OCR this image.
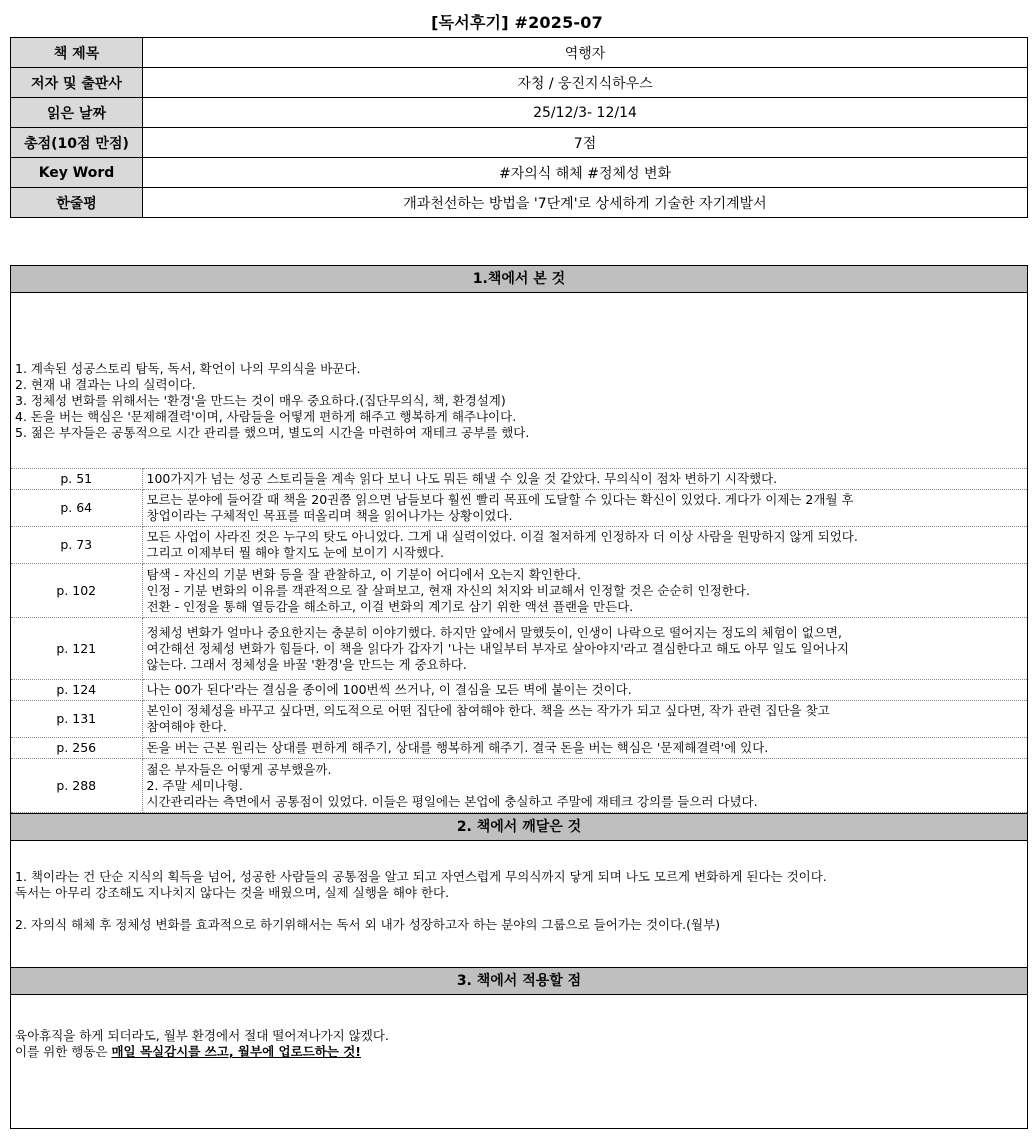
[독서후기] #2025-07
책 제목	역행자
저자 및 출판사	자청 / 웅진지식하우스
읽은 날짜	25/12/3- 12/14
총점(10점 만점)	7점
Key Word	#자의식 해체 #정체성 변화
한줄평	개과천선하는 방법을 '7단계'로 상세하게 기술한 자기계발서
1.책에서 본 것
1. 계속된 성공스토리 탐독, 독서, 확언이 나의 무의식을 바꾼다.
2. 현재 내 결과는 나의 실력이다.
3. 정체성 변화를 위해서는 '환경'을 만드는 것이 매우 중요하다.(집단무의식, 책, 환경설계)
4. 돈을 버는 핵심은 '문제해결력'이며, 사람들을 어떻게 편하게 해주고 행복하게 해주냐이다.
5. 젊은 부자들은 공통적으로 시간 관리를 했으며, 별도의 시간을 마련하여 재테크 공부를 했다.
p. 51	100가지가 넘는 성공 스토리들을 계속 읽다 보니 나도 뭐든 해낼 수 있을 것 같았다. 무의식이 점차 변하기 시작했다.

p. 64	모르는 분야에 들어갈 때 책을 20권쯤 읽으면 남들보다 훨씬 빨리 목표에 도달할 수 있다는 확신이 있었다. 게다가 이제는 2개월 후
창업이라는 구체적인 목표를 떠올리며 책을 읽어나가는 상황이었다.

p. 73	모든 사업이 사라진 것은 누구의 탓도 아니었다. 그게 내 실력이었다. 이걸 철저하게 인정하자 더 이상 사람을 원망하지 않게 되었다.
그리고 이제부터 뭘 해야 할지도 눈에 보이기 시작했다.

p. 102	탐색 - 자신의 기분 변화 등을 잘 관찰하고, 이 기분이 어디에서 오는지 확인한다.
인정 - 기분 변화의 이유를 객관적으로 잘 살펴보고, 현재 자신의 처지와 비교해서 인정할 것은 순순히 인정한다.
전환 - 인정을 통해 열등감을 해소하고, 이걸 변화의 계기로 삼기 위한 액션 플랜을 만든다.

p. 121	정체성 변화가 얼마나 중요한지는 충분히 이야기했다. 하지만 앞에서 말했듯이, 인생이 나락으로 떨어지는 정도의 체험이 없으면,
여간해선 정체성 변화가 힘들다. 이 책을 읽다가 갑자기 '나는 내일부터 부자로 살아야지'라고 결심한다고 해도 아무 일도 일어나지
않는다. 그래서 정체성을 바꿀 '환경'을 만드는 게 중요하다.

p. 124	나는 00가 된다'라는 결심을 종이에 100번씩 쓰거나, 이 결심을 모든 벽에 붙이는 것이다.

p. 131	본인이 정체성을 바꾸고 싶다면, 의도적으로 어떤 집단에 참여해야 한다. 책을 쓰는 작가가 되고 싶다면, 작가 관련 집단을 찾고
참여해야 한다.

p. 256	돈을 버는 근본 원리는 상대를 편하게 해주기, 상대를 행복하게 해주기. 결국 돈을 버는 핵심은 '문제해결력'에 있다.

p. 288	젊은 부자들은 어떻게 공부했을까.
2. 주말 세미나형.
시간관리라는 측면에서 공통점이 있었다. 이들은 평일에는 본업에 충실하고 주말에 재테크 강의를 들으러 다녔다.
2. 책에서 깨달은 것
1. 책이라는 건 단순 지식의 획득을 넘어, 성공한 사람들의 공통점을 알고 되고 자연스럽게 무의식까지 닿게 되며 나도 모르게 변화하게 된다는 것이다.
독서는 아무리 강조해도 지나치지 않다는 것을 배웠으며, 실제 실행을 해야 한다.
2. 자의식 해체 후 정체성 변화를 효과적으로 하기위해서는 독서 외 내가 성장하고자 하는 분야의 그룹으로 들어가는 것이다.(월부)
3. 책에서 적용할 점
육아휴직을 하게 되더라도, 월부 환경에서 절대 떨어져나가지 않겠다.
이를 위한 행동은 매일 목실감시를 쓰고, 월부에 업로드하는 것!
